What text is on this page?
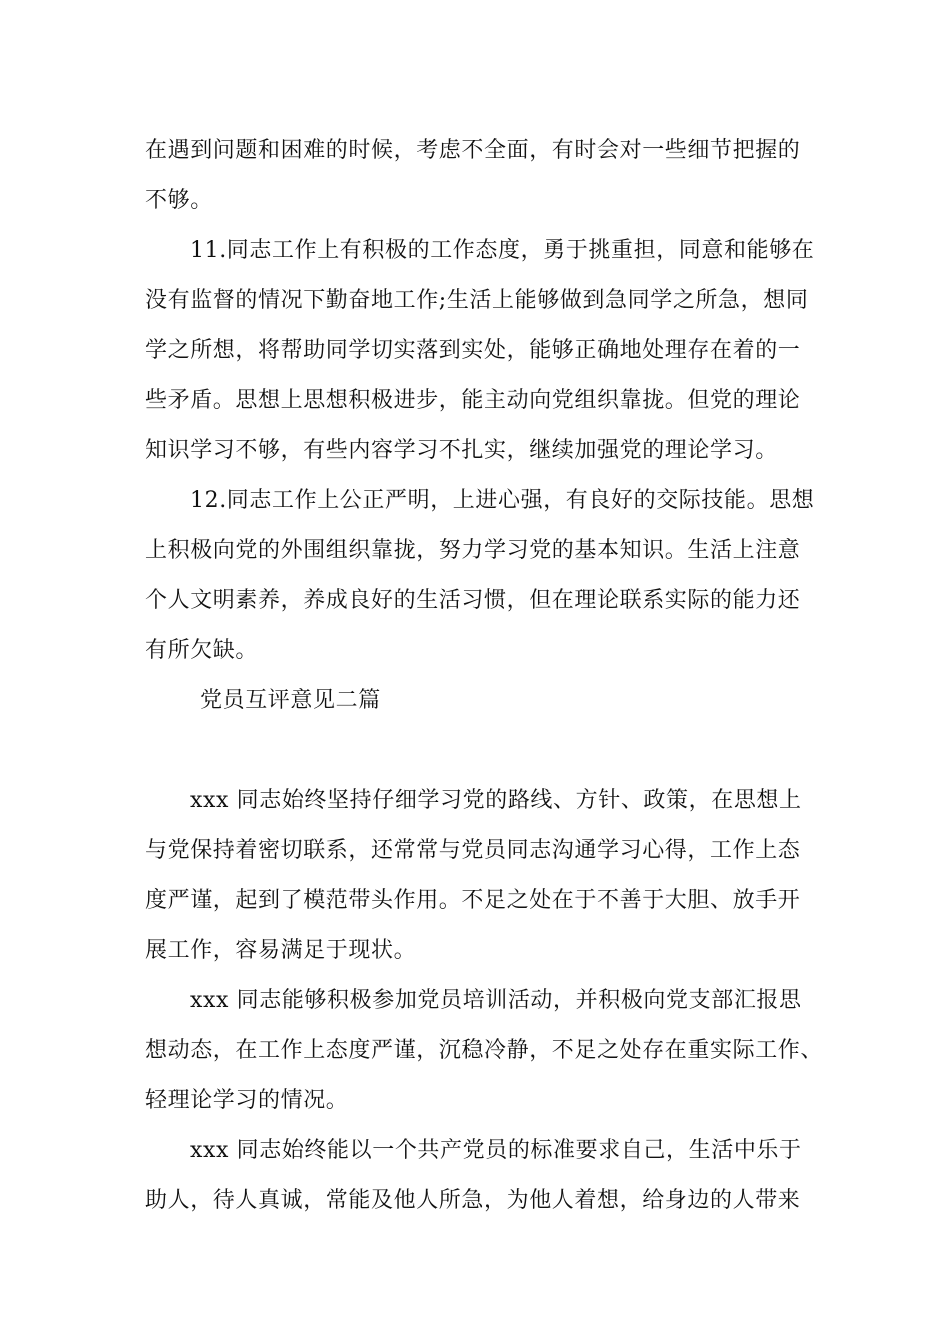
在遇到问题和困难的时候，考虑不全面，有时会对一些细节把握的
不够。
11.同志工作上有积极的工作态度，勇于挑重担，同意和能够在
没有监督的情况下勤奋地工作;生活上能够做到急同学之所急，想同
学之所想，将帮助同学切实落到实处，能够正确地处理存在着的一
些矛盾。思想上思想积极进步，能主动向党组织靠拢。但党的理论
知识学习不够，有些内容学习不扎实，继续加强党的理论学习。
12.同志工作上公正严明，上进心强，有良好的交际技能。思想
上积极向党的外围组织靠拢，努力学习党的基本知识。生活上注意
个人文明素养，养成良好的生活习惯，但在理论联系实际的能力还
有所欠缺。
党员互评意见二篇
xxx 同志始终坚持仔细学习党的路线、方针、政策，在思想上
与党保持着密切联系，还常常与党员同志沟通学习心得，工作上态
度严谨，起到了模范带头作用。不足之处在于不善于大胆、放手开
展工作，容易满足于现状。
xxx 同志能够积极参加党员培训活动，并积极向党支部汇报思
想动态，在工作上态度严谨，沉稳冷静，不足之处存在重实际工作、
轻理论学习的情况。
xxx 同志始终能以一个共产党员的标准要求自己，生活中乐于
助人，待人真诚，常能及他人所急，为他人着想，给身边的人带来
